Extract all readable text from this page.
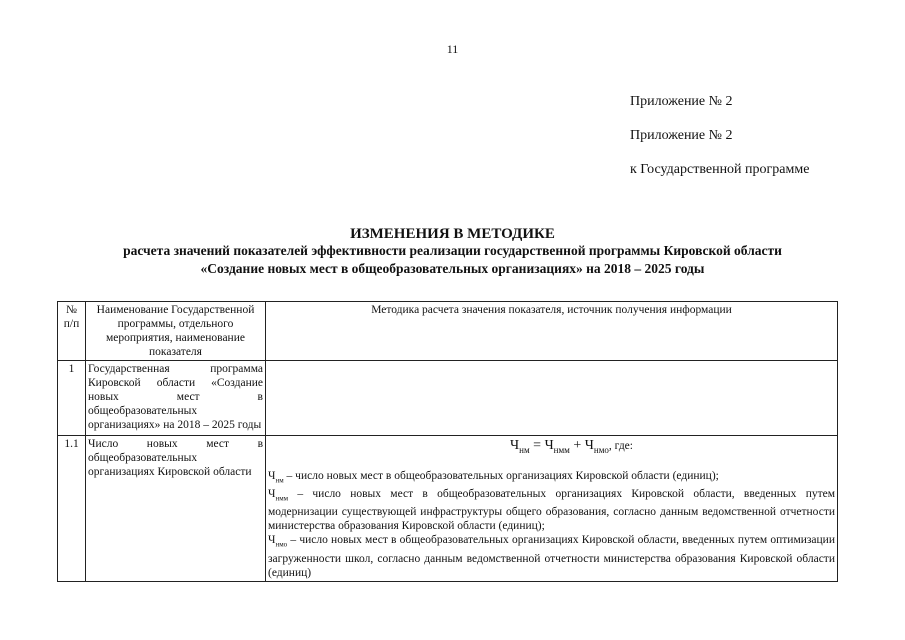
11
Приложение № 2
Приложение № 2
к Государственной программе
ИЗМЕНЕНИЯ В МЕТОДИКЕ
расчета значений показателей эффективности реализации государственной программы Кировской области
«Создание новых мест в общеобразовательных организациях» на 2018 – 2025 годы
№ п/п	Наименование Государственной программы, отдельного мероприятия, наименование показателя	Методика расчета значения показателя, источник получения информации
1	Государственная программа Кировской области «Создание новых мест в общеобразовательных организациях» на 2018 – 2025 годы	
1.1	Число новых мест в общеобразовательных организациях Кировской области	$Ч_{нм} = Ч_{нмм} + Ч_{нмо}$, где:

$Ч_{нм}$ – число новых мест в общеобразовательных организациях Кировской области (единиц);

$Ч_{нмм}$ – число новых мест в общеобразовательных организациях Кировской области, введенных путем модернизации существующей инфраструктуры общего образования, согласно данным ведомственной отчетности министерства образования Кировской области (единиц);

$Ч_{нмо}$ – число новых мест в общеобразовательных организациях Кировской области, введенных путем оптимизации загруженности школ, согласно данным ведомственной отчетности министерства образования Кировской области (единиц)
